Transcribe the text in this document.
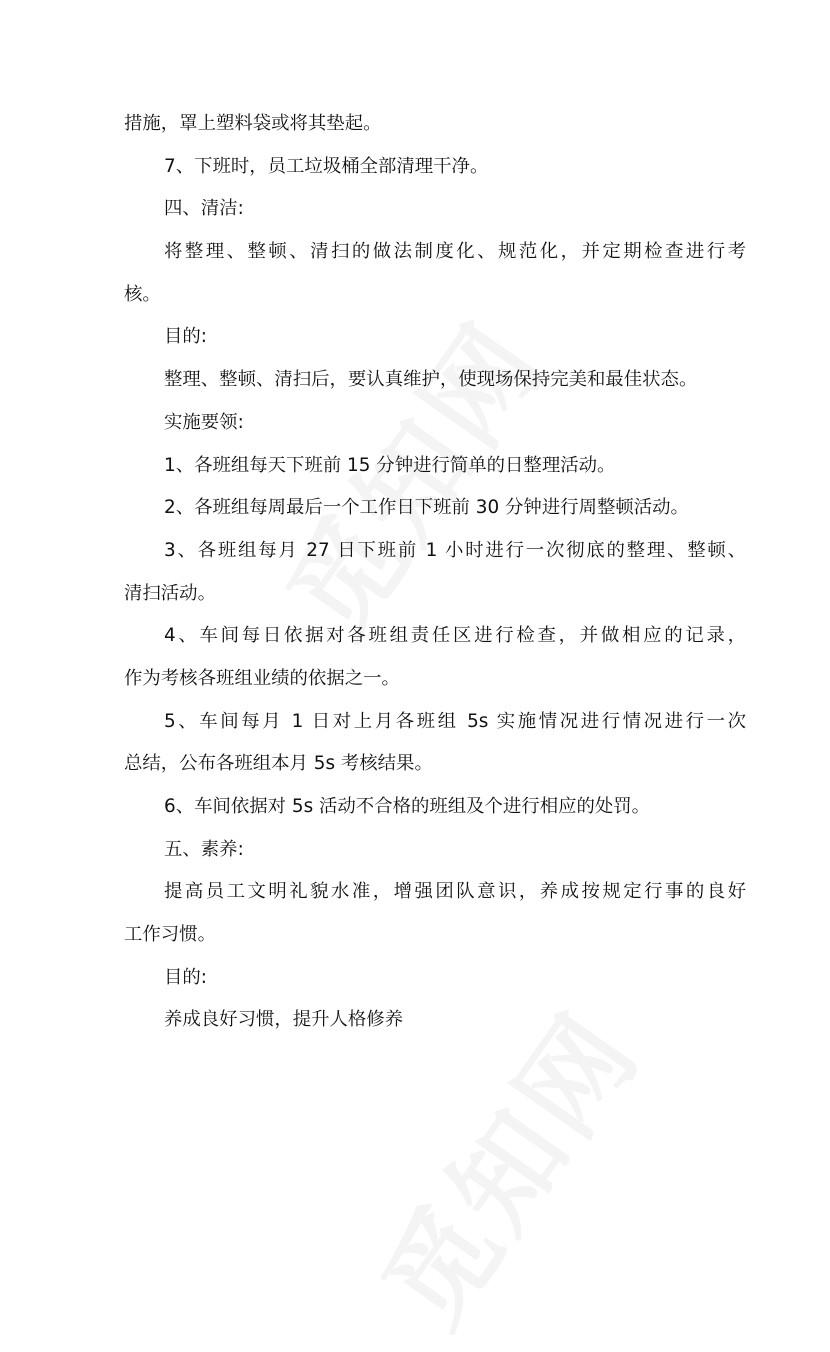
措施，罩上塑料袋或将其垫起。

7、下班时，员工垃圾桶全部清理干净。

四、清洁:

将整理、整顿、清扫的做法制度化、规范化，并定期检查进行考

核。

目的:

整理、整顿、清扫后，要认真维护，使现场保持完美和最佳状态。

实施要领:

1、各班组每天下班前 15 分钟进行简单的日整理活动。

2、各班组每周最后一个工作日下班前 30 分钟进行周整顿活动。

3、各班组每月 27 日下班前 1 小时进行一次彻底的整理、整顿、

清扫活动。

4、车间每日依据对各班组责任区进行检查，并做相应的记录，

作为考核各班组业绩的依据之一。

5、车间每月 1 日对上月各班组 5s 实施情况进行情况进行一次

总结，公布各班组本月 5s 考核结果。

6、车间依据对 5s 活动不合格的班组及个进行相应的处罚。

五、素养:

提高员工文明礼貌水准，增强团队意识，养成按规定行事的良好

工作习惯。

目的:

养成良好习惯，提升人格修养
